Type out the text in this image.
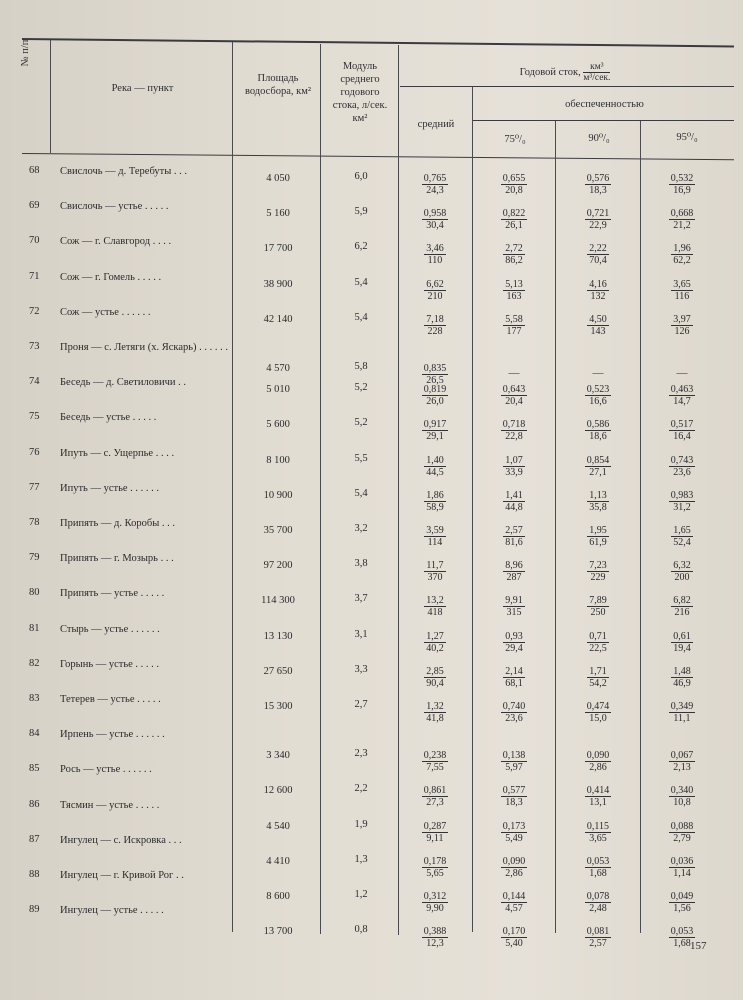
№ п/п
Река — пункт
Площадь водосбора, км²
Модуль среднего годового стока, л/сек. км²
Годовой сток, $\frac{\text{км³}}{\text{м³/сек.}}$
средний
обеспеченностью
75⁰/₀	90⁰/₀	95⁰/₀
68 Свислочь — д. Теребуты . . .
4 050	6,0	$\frac{0,765}{24,3}$	$\frac{0,655}{20,8}$	$\frac{0,576}{18,3}$	$\frac{0,532}{16,9}$
69 Свислочь — устье . . . . .
5 160	5,9	$\frac{0,958}{30,4}$	$\frac{0,822}{26,1}$	$\frac{0,721}{22,9}$	$\frac{0,668}{21,2}$
70 Сож — г. Славгород . . . .
17 700	6,2	$\frac{3,46}{110}$	$\frac{2,72}{86,2}$	$\frac{2,22}{70,4}$	$\frac{1,96}{62,2}$
71 Сож — г. Гомель . . . . .
38 900	5,4	$\frac{6,62}{210}$	$\frac{5,13}{163}$	$\frac{4,16}{132}$	$\frac{3,65}{116}$
72 Сож — устье . . . . . .
42 140	5,4	$\frac{7,18}{228}$	$\frac{5,58}{177}$	$\frac{4,50}{143}$	$\frac{3,97}{126}$
73 Проня — с. Летяги (х. Яскарь) . . . . . .
4 570	5,8	$\frac{0,835}{26,5}$	—	—	—
74 Беседь — д. Светиловичи . .
5 010	5,2	$\frac{0,819}{26,0}$	$\frac{0,643}{20,4}$	$\frac{0,523}{16,6}$	$\frac{0,463}{14,7}$
75 Беседь — устье . . . . .
5 600	5,2	$\frac{0,917}{29,1}$	$\frac{0,718}{22,8}$	$\frac{0,586}{18,6}$	$\frac{0,517}{16,4}$
76 Ипуть — с. Ущерпье . . . .
8 100	5,5	$\frac{1,40}{44,5}$	$\frac{1,07}{33,9}$	$\frac{0,854}{27,1}$	$\frac{0,743}{23,6}$
77 Ипуть — устье . . . . . .
10 900	5,4	$\frac{1,86}{58,9}$	$\frac{1,41}{44,8}$	$\frac{1,13}{35,8}$	$\frac{0,983}{31,2}$
78 Припять — д. Коробы . . .
35 700	3,2	$\frac{3,59}{114}$	$\frac{2,57}{81,6}$	$\frac{1,95}{61,9}$	$\frac{1,65}{52,4}$
79 Припять — г. Мозырь . . .
97 200	3,8	$\frac{11,7}{370}$	$\frac{8,96}{287}$	$\frac{7,23}{229}$	$\frac{6,32}{200}$
80 Припять — устье . . . . .
114 300	3,7	$\frac{13,2}{418}$	$\frac{9,91}{315}$	$\frac{7,89}{250}$	$\frac{6,82}{216}$
81 Стырь — устье . . . . . .
13 130	3,1	$\frac{1,27}{40,2}$	$\frac{0,93}{29,4}$	$\frac{0,71}{22,5}$	$\frac{0,61}{19,4}$
82 Горынь — устье . . . . .
27 650	3,3	$\frac{2,85}{90,4}$	$\frac{2,14}{68,1}$	$\frac{1,71}{54,2}$	$\frac{1,48}{46,9}$
83 Тетерев — устье . . . . .
15 300	2,7	$\frac{1,32}{41,8}$	$\frac{0,740}{23,6}$	$\frac{0,474}{15,0}$	$\frac{0,349}{11,1}$
84 Ирпень — устье . . . . . .
3 340	2,3	$\frac{0,238}{7,55}$	$\frac{0,138}{5,97}$	$\frac{0,090}{2,86}$	$\frac{0,067}{2,13}$
85 Рось — устье . . . . . .
12 600	2,2	$\frac{0,861}{27,3}$	$\frac{0,577}{18,3}$	$\frac{0,414}{13,1}$	$\frac{0,340}{10,8}$
86 Тясмин — устье . . . . .
4 540	1,9	$\frac{0,287}{9,11}$	$\frac{0,173}{5,49}$	$\frac{0,115}{3,65}$	$\frac{0,088}{2,79}$
87 Ингулец — с. Искровка . . .
4 410	1,3	$\frac{0,178}{5,65}$	$\frac{0,090}{2,86}$	$\frac{0,053}{1,68}$	$\frac{0,036}{1,14}$
88 Ингулец — г. Кривой Рог . .
8 600	1,2	$\frac{0,312}{9,90}$	$\frac{0,144}{4,57}$	$\frac{0,078}{2,48}$	$\frac{0,049}{1,56}$
89 Ингулец — устье . . . . .
13 700	0,8	$\frac{0,388}{12,3}$	$\frac{0,170}{5,40}$	$\frac{0,081}{2,57}$	$\frac{0,053}{1,68}$
157
